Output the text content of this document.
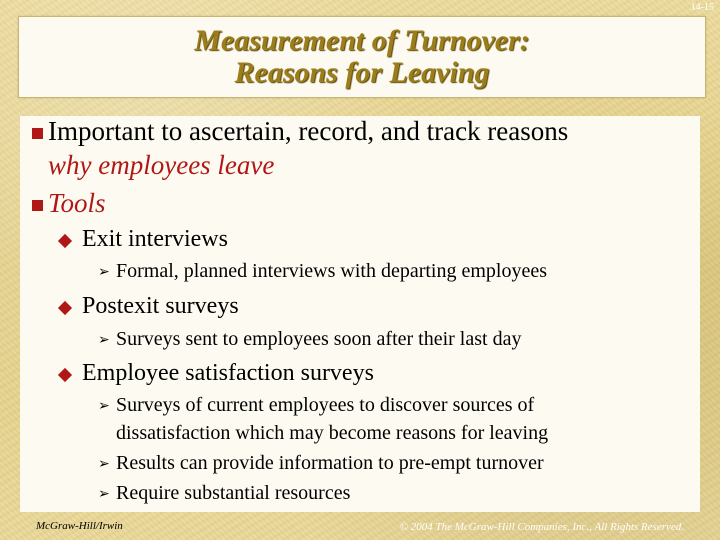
14-15
Measurement of Turnover:
Reasons for Leaving
Important to ascertain, record, and track reasons
why employees leave
Tools
Exit interviews
➢ Formal, planned interviews with departing employees
Postexit surveys
➢ Surveys sent to employees soon after their last day
Employee satisfaction surveys
➢ Surveys of current employees to discover sources of
dissatisfaction which may become reasons for leaving
➢ Results can provide information to pre-empt turnover
➢ Require substantial resources
McGraw-Hill/Irwin	© 2004 The McGraw-Hill Companies, Inc., All Rights Reserved.
